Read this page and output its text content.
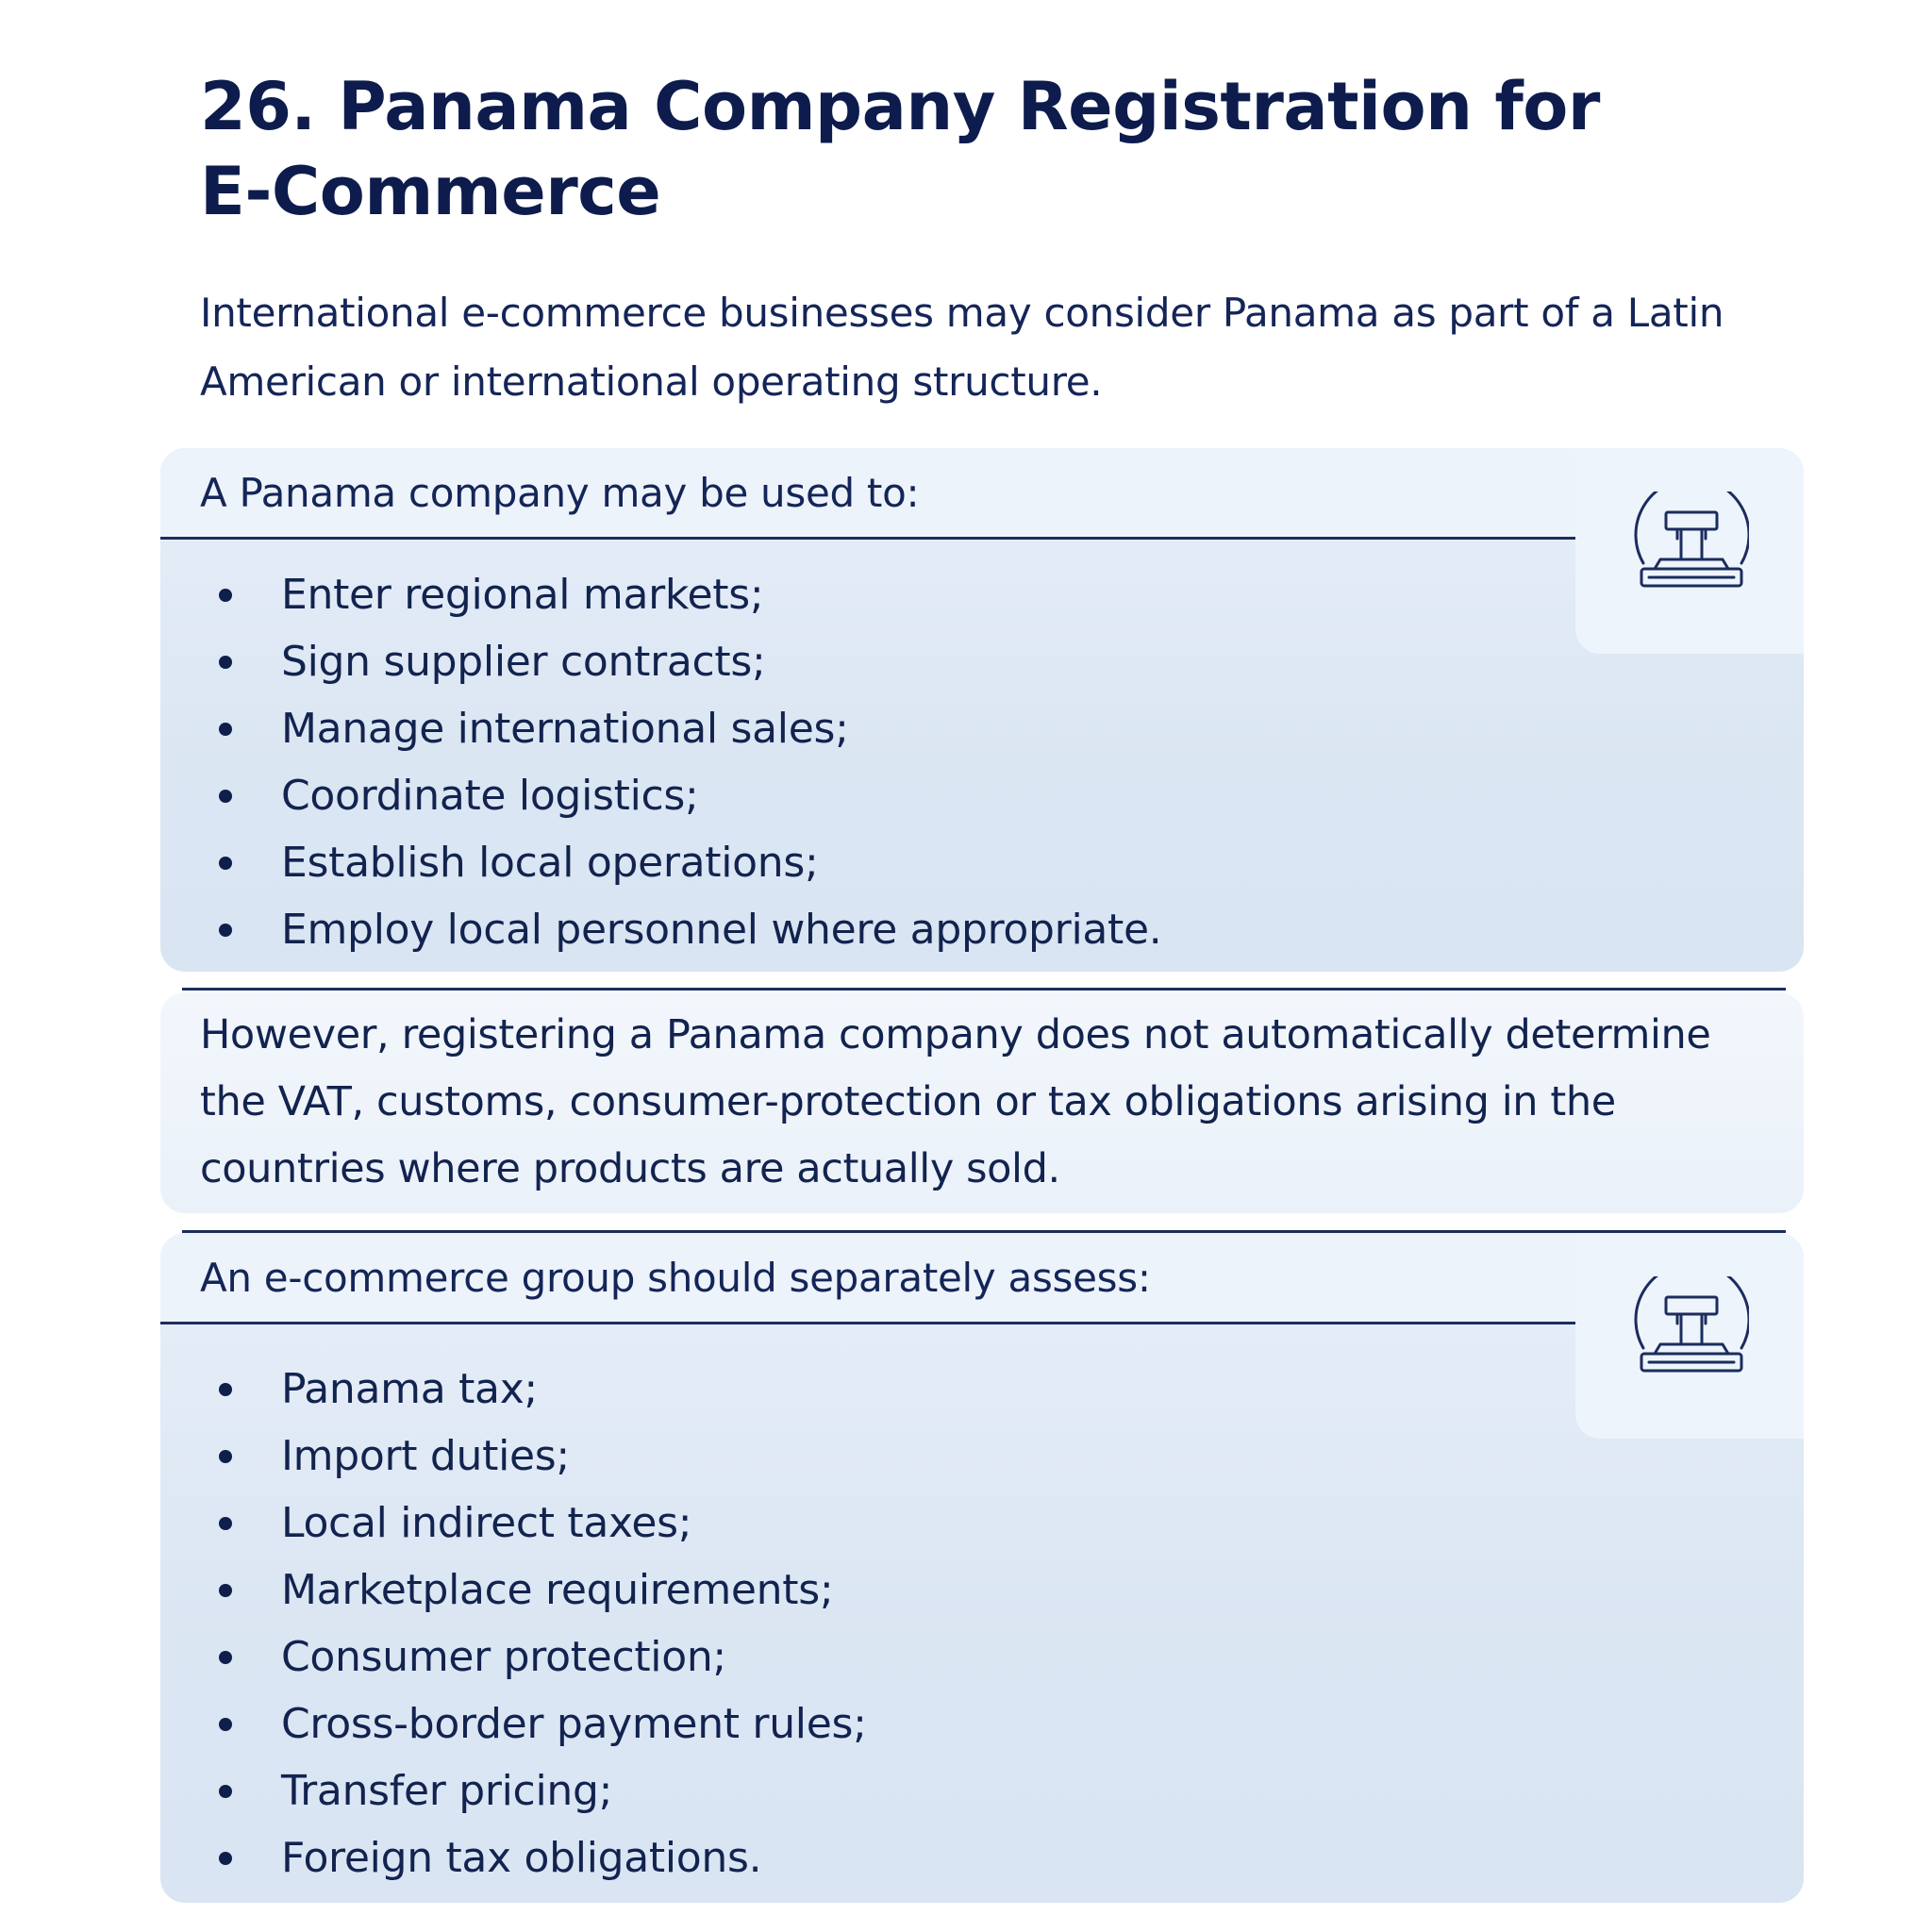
26. Panama Company Registration for E-Commerce

International e-commerce businesses may consider Panama as part of a Latin American or international operating structure.

A Panama company may be used to:

Enter regional markets;
Sign supplier contracts;
Manage international sales;
Coordinate logistics;
Establish local operations;
Employ local personnel where appropriate.

However, registering a Panama company does not automatically determine the VAT, customs, consumer-protection or tax obligations arising in the countries where products are actually sold.

An e-commerce group should separately assess:

Panama tax;
Import duties;
Local indirect taxes;
Marketplace requirements;
Consumer protection;
Cross-border payment rules;
Transfer pricing;
Foreign tax obligations.
